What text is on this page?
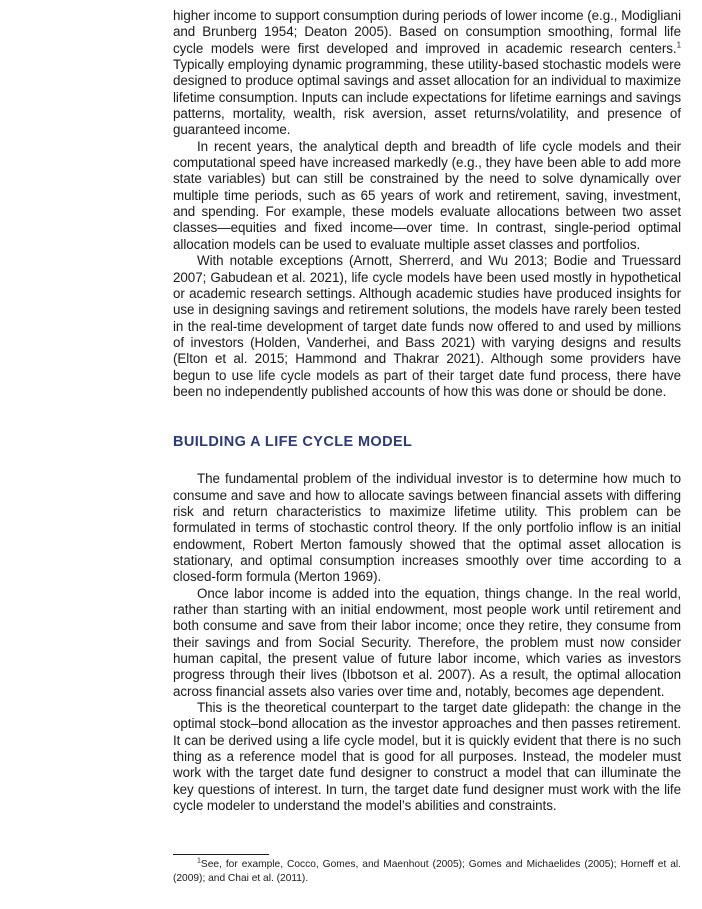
higher income to support consumption during periods of lower income (e.g., Modigliani and Brunberg 1954; Deaton 2005). Based on consumption smoothing, formal life cycle models were first developed and improved in academic research centers.$^1$ Typically employing dynamic programming, these utility-based stochastic models were designed to produce optimal savings and asset allocation for an individual to maximize lifetime consumption. Inputs can include expectations for lifetime earnings and savings patterns, mortality, wealth, risk aversion, asset returns/volatility, and presence of guaranteed income.

In recent years, the analytical depth and breadth of life cycle models and their computational speed have increased markedly (e.g., they have been able to add more state variables) but can still be constrained by the need to solve dynamically over multiple time periods, such as 65 years of work and retirement, saving, investment, and spending. For example, these models evaluate allocations between two asset classes—equities and fixed income—over time. In contrast, single-period optimal allocation models can be used to evaluate multiple asset classes and portfolios.

With notable exceptions (Arnott, Sherrerd, and Wu 2013; Bodie and Truessard 2007; Gabudean et al. 2021), life cycle models have been used mostly in hypothetical or academic research settings. Although academic studies have produced insights for use in designing savings and retirement solutions, the models have rarely been tested in the real-time development of target date funds now offered to and used by millions of investors (Holden, Vanderhei, and Bass 2021) with varying designs and results (Elton et al. 2015; Hammond and Thakrar 2021). Although some providers have begun to use life cycle models as part of their target date fund process, there have been no independently published accounts of how this was done or should be done.

BUILDING A LIFE CYCLE MODEL

The fundamental problem of the individual investor is to determine how much to consume and save and how to allocate savings between financial assets with differing risk and return characteristics to maximize lifetime utility. This problem can be formulated in terms of stochastic control theory. If the only portfolio inflow is an initial endowment, Robert Merton famously showed that the optimal asset allocation is stationary, and optimal consumption increases smoothly over time according to a closed-form formula (Merton 1969).

Once labor income is added into the equation, things change. In the real world, rather than starting with an initial endowment, most people work until retirement and both consume and save from their labor income; once they retire, they consume from their savings and from Social Security. Therefore, the problem must now consider human capital, the present value of future labor income, which varies as investors progress through their lives (Ibbotson et al. 2007). As a result, the optimal allocation across financial assets also varies over time and, notably, becomes age dependent.

This is the theoretical counterpart to the target date glidepath: the change in the optimal stock–bond allocation as the investor approaches and then passes retirement. It can be derived using a life cycle model, but it is quickly evident that there is no such thing as a reference model that is good for all purposes. Instead, the modeler must work with the target date fund designer to construct a model that can illuminate the key questions of interest. In turn, the target date fund designer must work with the life cycle modeler to understand the model’s abilities and constraints.

$^1$See, for example, Cocco, Gomes, and Maenhout (2005); Gomes and Michaelides (2005); Horneff et al. (2009); and Chai et al. (2011).
